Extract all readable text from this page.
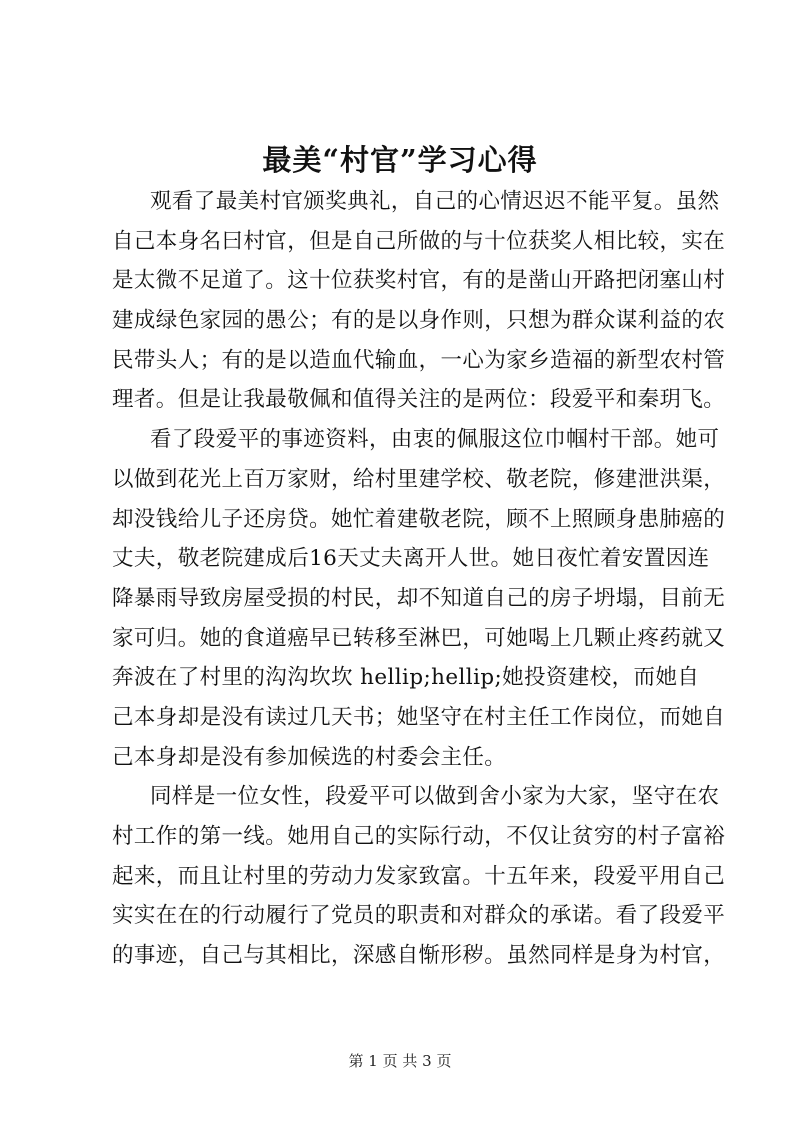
最美“村官”学习心得
观看了最美村官颁奖典礼，自己的心情迟迟不能平复。虽然
自己本身名曰村官，但是自己所做的与十位获奖人相比较，实在
是太微不足道了。这十位获奖村官，有的是凿山开路把闭塞山村
建成绿色家园的愚公；有的是以身作则，只想为群众谋利益的农
民带头人；有的是以造血代输血，一心为家乡造福的新型农村管
理者。但是让我最敬佩和值得关注的是两位：段爱平和秦玥飞。
看了段爱平的事迹资料，由衷的佩服这位巾帼村干部。她可
以做到花光上百万家财，给村里建学校、敬老院，修建泄洪渠，
却没钱给儿子还房贷。她忙着建敬老院，顾不上照顾身患肺癌的
丈夫，敬老院建成后16天丈夫离开人世。她日夜忙着安置因连
降暴雨导致房屋受损的村民，却不知道自己的房子坍塌，目前无
家可归。她的食道癌早已转移至淋巴，可她喝上几颗止疼药就又
奔波在了村里的沟沟坎坎 hellip;hellip;她投资建校，而她自
己本身却是没有读过几天书；她坚守在村主任工作岗位，而她自
己本身却是没有参加候选的村委会主任。
同样是一位女性，段爱平可以做到舍小家为大家，坚守在农
村工作的第一线。她用自己的实际行动，不仅让贫穷的村子富裕
起来，而且让村里的劳动力发家致富。十五年来，段爱平用自己
实实在在的行动履行了党员的职责和对群众的承诺。看了段爱平
的事迹，自己与其相比，深感自惭形秽。虽然同样是身为村官，
第 1 页 共 3 页
